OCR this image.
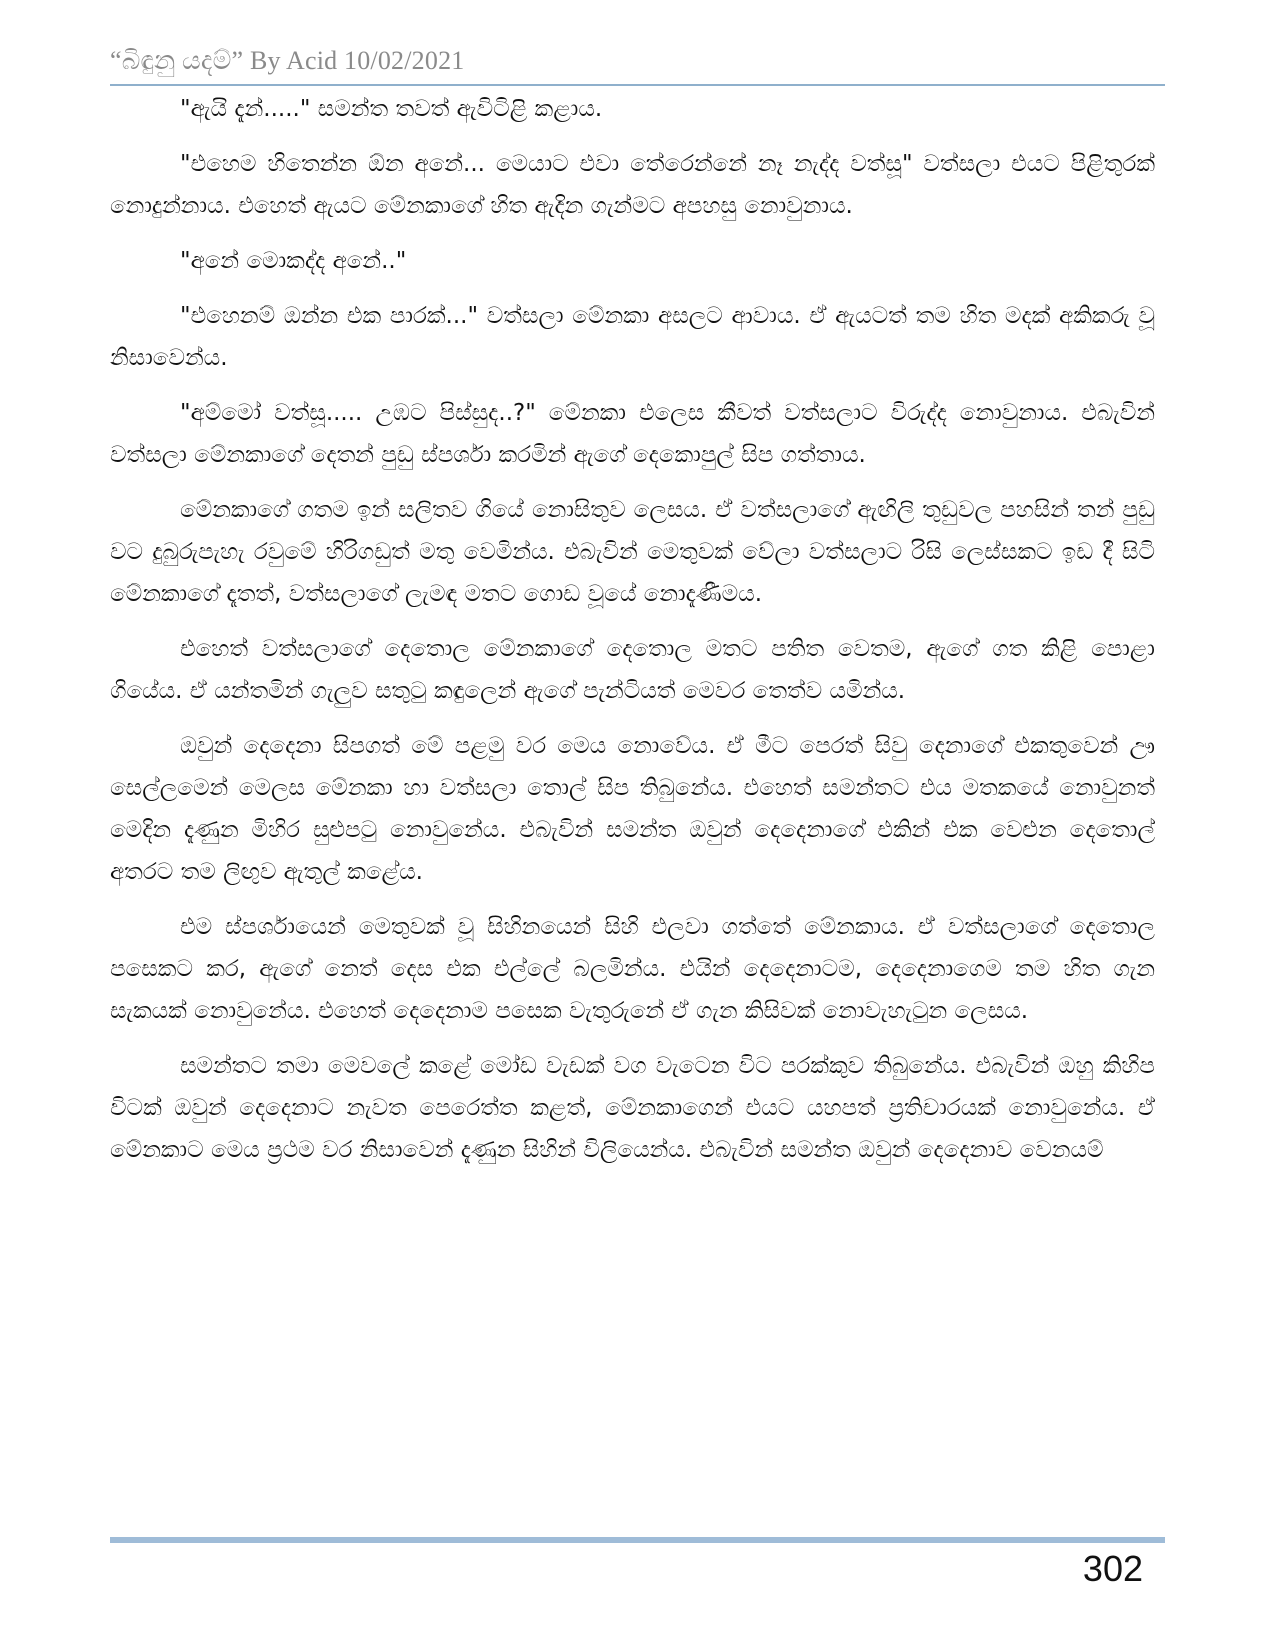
“බිඳුනු යදම්” By Acid 10/02/2021

"ඇයි දැන්....." සමන්ත තවත් ඇවිටිළි කළාය.

"එහෙම හිතෙන්න ඕන අනේ... මෙයාට එවා තේරෙන්නේ නෑ නැද්ද වත්සූ" වත්සලා එයට පිළිතුරක් නොදුන්නාය. එහෙත් ඇයට මේනකාගේ හිත ඇදින ගැන්මට අපහසු නොවුනාය.

"අනේ මොකද්ද අනේ.."

"එහෙනම් ඔන්න එක පාරක්..." වත්සලා මේනකා අසලට ආවාය. ඒ ඇයටත් තම හිත මදක් අකිකරු වූ නිසාවෙන්ය.

"අම්මෝ වත්සූ..... උඹට පිස්සුද..?" මේනකා එලෙස කීවත් වත්සලාට විරුද්ද නොවුනාය. එබැවින් වත්සලා මේනකාගේ දෙතන් පුඩු ස්පර්ශා කරමින් ඇගේ දෙකොපුල් සිප ගත්තාය.

මේනකාගේ ගතම ඉන් සලිතව ගියේ නොසිතුව ලෙසය. ඒ වත්සලාගේ ඇඟිලි තුඩුවල පහසින් තන් පුඩු වට දුබුරුපැහැ රවුමේ හිරිගඩුත් මතු වෙමින්ය. එබැවින් මෙතුවක් වේලා වත්සලාට රිසි ලෙස්සකට ඉඩ දී සිටි මේනකාගේ දෑතත්, වත්සලාගේ ලැමඳ මතට ගොඩ වූයේ නොදැණීමය.

එහෙත් වත්සලාගේ දෙතොල මේනකාගේ දෙතොල මතට පතිත වෙතම, ඇගේ ගත කිළි පොළා ගියේය. ඒ යන්තමින් ගැලුව සතුටු කඳුලෙන් ඇගේ පැන්ටියත් මෙවර තෙත්ව යමින්ය.

ඔවුන් දෙදෙනා සිපගත් මේ පළමු වර මෙය නොවේය. ඒ මීට පෙරත් සිවු දෙනාගේ එකතුවෙන් ඌ සෙල්ලමෙන් මෙලස මේනකා හා වත්සලා තොල් සිප තිබුනේය. එහෙත් සමන්තට එය මතකයේ නොවුනත් මෙදින දැණුන මිහිර සුළුපටු නොවුනේය. එබැවින් සමන්ත ඔවුන් දෙදෙනාගේ එකින් එක වෙළුන දෙතොල් අතරට තම ලිඟුව ඇතුල් කළේය.

එම ස්පර්ශායෙන් මෙතුවක් වූ සිහිනයෙන් සිහි එලවා ගත්තේ මේනකාය. ඒ වත්සලාගේ දෙතොල පසෙකට කර, ඇගේ නෙත් දෙස එක එල්ලේ බලමින්ය. එයින් දෙදෙනාටම, දෙදෙනාගෙම තම හිත ගැන සැකයක් නොවුනේය. එහෙත් දෙදෙනාම පසෙක වැතුරුනේ ඒ ගැන කිසිවක් නොවැහැටුන ලෙසය.

සමන්තට තමා මෙවලේ කළේ මෝඩ වැඩක් වග වැටෙන විට පරක්කුව තිබුනේය. එබැවින් ඔහු කිහිප විටක් ඔවුන් දෙදෙනාට නැවත පෙරෙත්ත කළත්, මේනකාගෙන් එයට යහපත් ප්‍රතිචාරයක් නොවුනේය. ඒ මේනකාට මෙය ප්‍රථම වර නිසාවෙන් දැණුන සිහින් විලියෙන්ය. එබැවින් සමන්ත ඔවුන් දෙදෙනාව වෙනයම්

302
